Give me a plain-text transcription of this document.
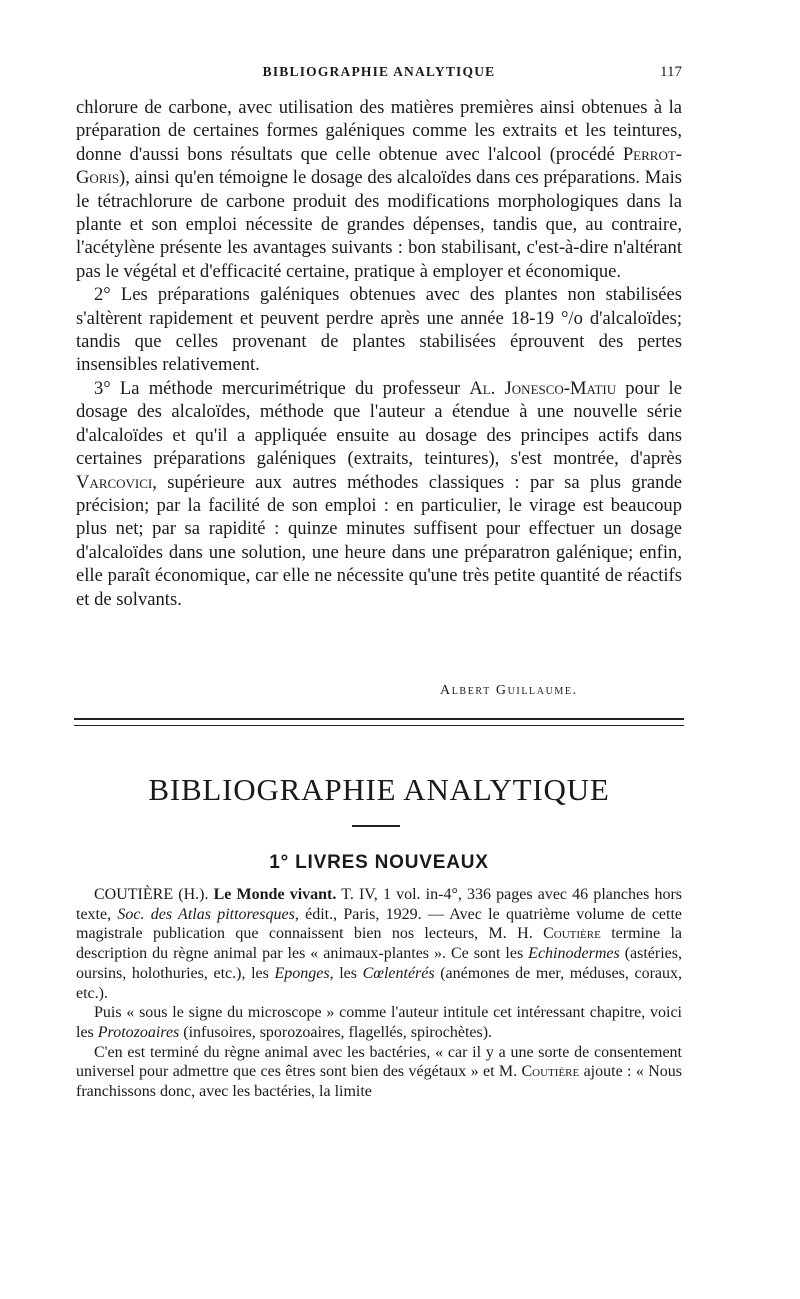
BIBLIOGRAPHIE ANALYTIQUE	117

chlorure de carbone, avec utilisation des matières premières ainsi obtenues à la préparation de certaines formes galéniques comme les extraits et les teintures, donne d'aussi bons résultats que celle obtenue avec l'alcool (procédé Perrot-Goris), ainsi qu'en témoigne le dosage des alcaloïdes dans ces préparations. Mais le tétrachlorure de carbone produit des modifications morphologiques dans la plante et son emploi nécessite de grandes dépenses, tandis que, au contraire, l'acétylène présente les avantages suivants : bon stabilisant, c'est-à-dire n'altérant pas le végétal et d'efficacité certaine, pratique à employer et économique.

2° Les préparations galéniques obtenues avec des plantes non stabilisées s'altèrent rapidement et peuvent perdre après une année 18-19 °/o d'alcaloïdes; tandis que celles provenant de plantes stabilisées éprouvent des pertes insensibles relativement.

3° La méthode mercurimétrique du professeur Al. Jonesco-Matiu pour le dosage des alcaloïdes, méthode que l'auteur a étendue à une nouvelle série d'alcaloïdes et qu'il a appliquée ensuite au dosage des principes actifs dans certaines préparations galéniques (extraits, teintures), s'est montrée, d'après Varcovici, supérieure aux autres méthodes classiques : par sa plus grande précision; par la facilité de son emploi : en particulier, le virage est beaucoup plus net; par sa rapidité : quinze minutes suffisent pour effectuer un dosage d'alcaloïdes dans une solution, une heure dans une préparatron galénique; enfin, elle paraît économique, car elle ne nécessite qu'une très petite quantité de réactifs et de solvants.

Albert Guillaume.
BIBLIOGRAPHIE ANALYTIQUE
1° LIVRES NOUVEAUX

COUTIÈRE (H.). Le Monde vivant. T. IV, 1 vol. in-4°, 336 pages avec 46 planches hors texte, Soc. des Atlas pittoresques, édit., Paris, 1929. — Avec le quatrième volume de cette magistrale publication que connaissent bien nos lecteurs, M. H. Coutière termine la description du règne animal par les « animaux-plantes ». Ce sont les Echinodermes (astéries, oursins, holothuries, etc.), les Eponges, les Cœlentérés (anémones de mer, méduses, coraux, etc.).

Puis « sous le signe du microscope » comme l'auteur intitule cet intéressant chapitre, voici les Protozoaires (infusoires, sporozoaires, flagellés, spirochètes).

C'en est terminé du règne animal avec les bactéries, « car il y a une sorte de consentement universel pour admettre que ces êtres sont bien des végétaux » et M. Coutière ajoute : « Nous franchissons donc, avec les bactéries, la limite
